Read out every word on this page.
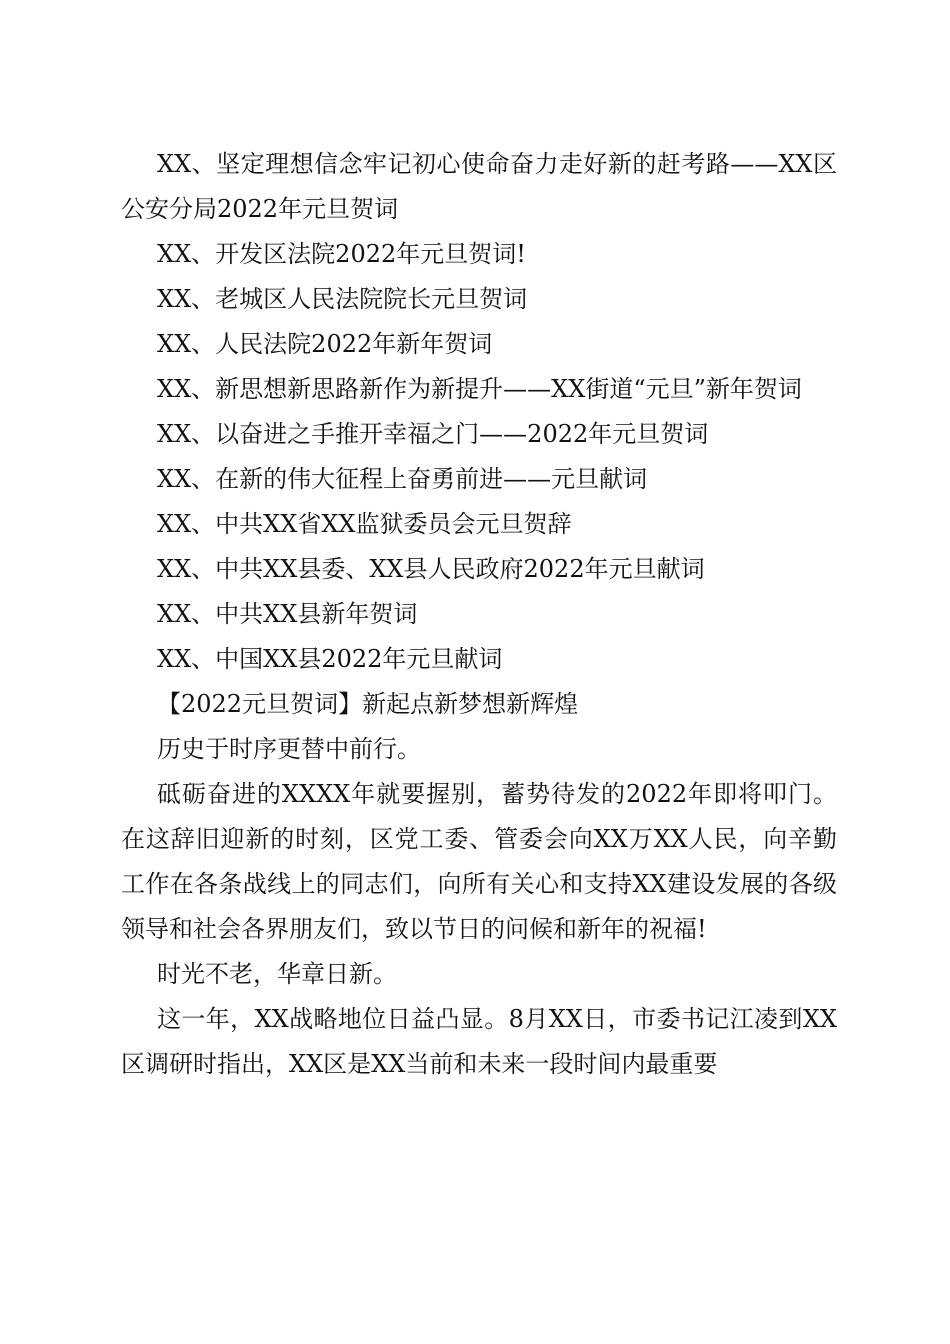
XX、坚定理想信念牢记初心使命奋力走好新的赶考路——XX区公安分局2022年元旦贺词

XX、开发区法院2022年元旦贺词!

XX、老城区人民法院院长元旦贺词

XX、人民法院2022年新年贺词

XX、新思想新思路新作为新提升——XX街道“元旦”新年贺词

XX、以奋进之手推开幸福之门——2022年元旦贺词

XX、在新的伟大征程上奋勇前进——元旦献词

XX、中共XX省XX监狱委员会元旦贺辞

XX、中共XX县委、XX县人民政府2022年元旦献词

XX、中共XX县新年贺词

XX、中国XX县2022年元旦献词

【2022元旦贺词】新起点新梦想新辉煌

历史于时序更替中前行。

砥砺奋进的XXXX年就要握别，蓄势待发的2022年即将叩门。在这辞旧迎新的时刻，区党工委、管委会向XX万XX人民，向辛勤工作在各条战线上的同志们，向所有关心和支持XX建设发展的各级领导和社会各界朋友们，致以节日的问候和新年的祝福!

时光不老，华章日新。

这一年，XX战略地位日益凸显。8月XX日，市委书记江凌到XX区调研时指出，XX区是XX当前和未来一段时间内最重要
